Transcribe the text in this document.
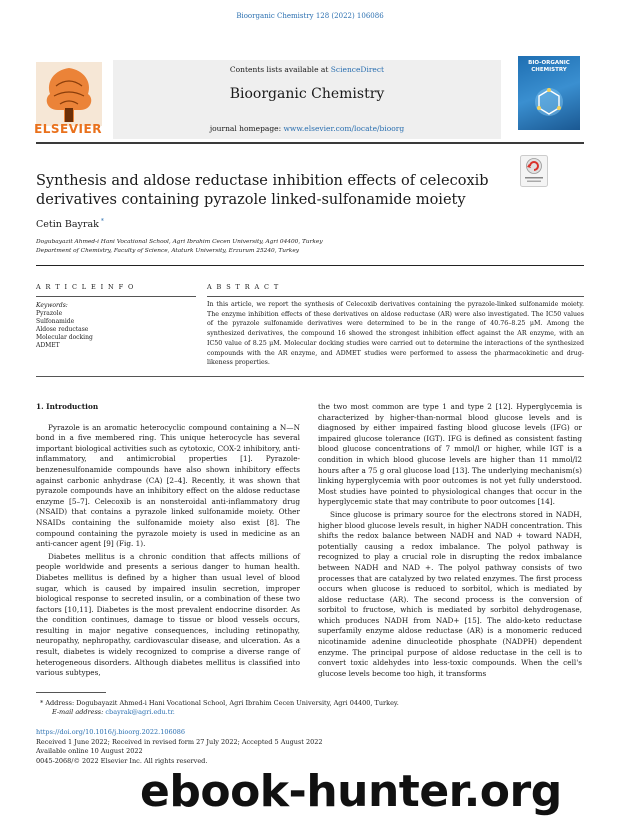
Bioorganic Chemistry 128 (2022) 106086
ELSEVIER
Contents lists available at ScienceDirect
Bioorganic Chemistry
journal homepage: www.elsevier.com/locate/bioorg
BIO-ORGANIC CHEMISTRY
Synthesis and aldose reductase inhibition effects of celecoxib derivatives containing pyrazole linked-sulfonamide moiety
Cetin Bayrak *
Dogubayazit Ahmed-i Hani Vocational School, Agri Ibrahim Cecen University, Agri 04400, Turkey
Department of Chemistry, Faculty of Science, Ataturk University, Erzurum 25240, Turkey
A R T I C L E I N F O	A B S T R A C T
Keywords:
Pyrazole
Sulfonamide
Aldose reductase
Molecular docking
ADMET
In this article, we report the synthesis of Celecoxib derivatives containing the pyrazole-linked sulfonamide moiety. The enzyme inhibition effects of these derivatives on aldose reductase (AR) were also investigated. The IC50 values of the pyrazole sulfonamide derivatives were determined to be in the range of 40.76–8.25 μM. Among the synthesized derivatives, the compound 16 showed the strongest inhibition effect against the AR enzyme, with an IC50 value of 8.25 μM. Molecular docking studies were carried out to determine the interactions of the synthesized compounds with the AR enzyme, and ADMET studies were performed to assess the pharmacokinetic and drug-likeness properties.
1. Introduction

Pyrazole is an aromatic heterocyclic compound containing a N—N bond in a five membered ring. This unique heterocycle has several important biological activities such as cytotoxic, COX-2 inhibitory, anti-inflammatory, and antimicrobial properties [1]. Pyrazole-benzenesulfonamide compounds have also shown inhibitory effects against carbonic anhydrase (CA) [2–4]. Recently, it was shown that pyrazole compounds have an inhibitory effect on the aldose reductase enzyme [5–7]. Celecoxib is an nonsteroidal anti-inflammatory drug (NSAID) that contains a pyrazole linked sulfonamide moiety. Other NSAIDs containing the sulfonamide moiety also exist [8]. The compound containing the pyrazole moiety is used in medicine as an anti-cancer agent [9] (Fig. 1).

Diabetes mellitus is a chronic condition that affects millions of people worldwide and presents a serious danger to human health. Diabetes mellitus is defined by a higher than usual level of blood sugar, which is caused by impaired insulin secretion, improper biological response to secreted insulin, or a combination of these two factors [10,11]. Diabetes is the most prevalent endocrine disorder. As the condition continues, damage to tissue or blood vessels occurs, resulting in major negative consequences, including retinopathy, neuropathy, nephropathy, cardiovascular disease, and ulceration. As a result, diabetes is widely recognized to comprise a diverse range of heterogeneous disorders. Although diabetes mellitus is classified into various subtypes,

the two most common are type 1 and type 2 [12]. Hyperglycemia is characterized by higher-than-normal blood glucose levels and is diagnosed by either impaired fasting blood glucose levels (IFG) or impaired glucose tolerance (IGT). IFG is defined as consistent fasting blood glucose concentrations of 7 mmol/l or higher, while IGT is a condition in which blood glucose levels are higher than 11 mmol/l2 hours after a 75 g oral glucose load [13]. The underlying mechanism(s) linking hyperglycemia with poor outcomes is not yet fully understood. Most studies have pointed to physiological changes that occur in the hyperglycemic state that may contribute to poor outcomes [14].

Since glucose is primary source for the electrons stored in NADH, higher blood glucose levels result, in higher NADH concentration. This shifts the redox balance between NADH and NAD + toward NADH, potentially causing a redox imbalance. The polyol pathway is recognized to play a crucial role in disrupting the redox imbalance between NADH and NAD +. The polyol pathway consists of two processes that are catalyzed by two related enzymes. The first process occurs when glucose is reduced to sorbitol, which is mediated by aldose reductase (AR). The second process is the conversion of sorbitol to fructose, which is mediated by sorbitol dehydrogenase, which produces NADH from NAD+ [15]. The aldo-keto reductase superfamily enzyme aldose reductase (AR) is a monomeric reduced nicotinamide adenine dinucleotide phosphate (NADPH) dependent enzyme. The principal purpose of aldose reductase in the cell is to convert toxic aldehydes into less-toxic compounds. When the cell's glucose levels become too high, it transforms

* Address: Dogubayazit Ahmed-i Hani Vocational School, Agri Ibrahim Cecen University, Agri 04400, Turkey.
E-mail address: cbayrak@agri.edu.tr.
https://doi.org/10.1016/j.bioorg.2022.106086
Received 1 June 2022; Received in revised form 27 July 2022; Accepted 5 August 2022
Available online 10 August 2022
0045-2068/© 2022 Elsevier Inc. All rights reserved.
ebook-hunter.org
